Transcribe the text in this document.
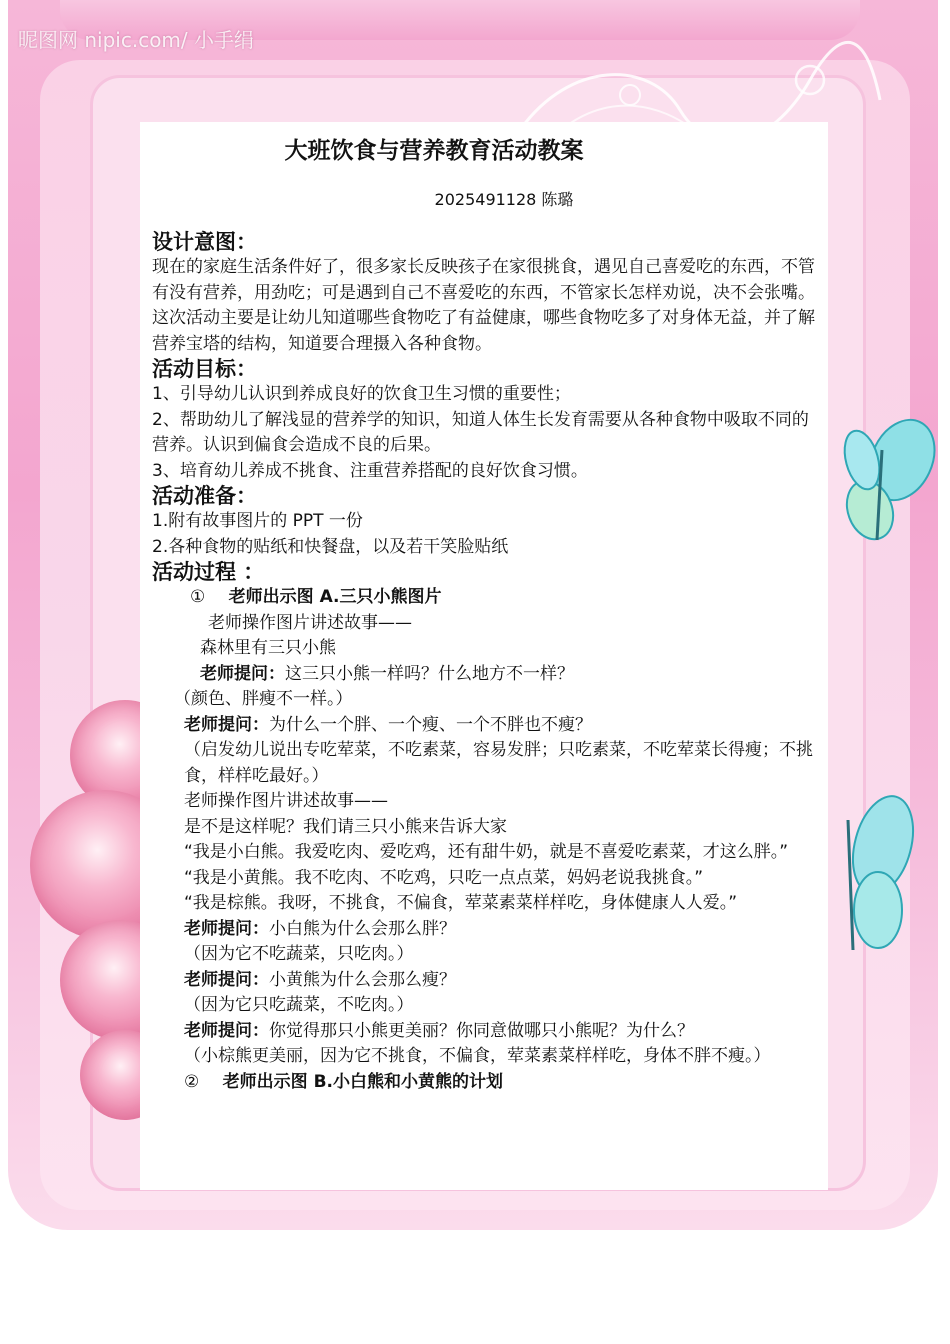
昵图网 nipic.com/ 小手绢
大班饮食与营养教育活动教案
2025491128 陈璐
设计意图：
现在的家庭生活条件好了，很多家长反映孩子在家很挑食，遇见自己喜爱吃的东西，不管有没有营养，用劲吃；可是遇到自己不喜爱吃的东西，不管家长怎样劝说，决不会张嘴。这次活动主要是让幼儿知道哪些食物吃了有益健康，哪些食物吃多了对身体无益，并了解营养宝塔的结构，知道要合理摄入各种食物。
活动目标：
1、引导幼儿认识到养成良好的饮食卫生习惯的重要性；
2、帮助幼儿了解浅显的营养学的知识，知道人体生长发育需要从各种食物中吸取不同的营养。认识到偏食会造成不良的后果。
3、培育幼儿养成不挑食、注重营养搭配的良好饮食习惯。
活动准备：
1.附有故事图片的 PPT 一份
2.各种食物的贴纸和快餐盘，以及若干笑脸贴纸
活动过程 ：
① 老师出示图 A.三只小熊图片
老师操作图片讲述故事——
森林里有三只小熊
老师提问：这三只小熊一样吗？什么地方不一样？
（颜色、胖瘦不一样。）
老师提问：为什么一个胖、一个瘦、一个不胖也不瘦？
（启发幼儿说出专吃荤菜，不吃素菜，容易发胖；只吃素菜，不吃荤菜长得瘦；不挑食，样样吃最好。）
老师操作图片讲述故事——
是不是这样呢？我们请三只小熊来告诉大家
“我是小白熊。我爱吃肉、爱吃鸡，还有甜牛奶，就是不喜爱吃素菜，才这么胖。”
“我是小黄熊。我不吃肉、不吃鸡，只吃一点点菜，妈妈老说我挑食。”
“我是棕熊。我呀，不挑食，不偏食，荤菜素菜样样吃，身体健康人人爱。”
老师提问：小白熊为什么会那么胖？
（因为它不吃蔬菜，只吃肉。）
老师提问：小黄熊为什么会那么瘦？
（因为它只吃蔬菜，不吃肉。）
老师提问：你觉得那只小熊更美丽？你同意做哪只小熊呢？为什么？
（小棕熊更美丽，因为它不挑食，不偏食，荤菜素菜样样吃，身体不胖不瘦。）
② 老师出示图 B.小白熊和小黄熊的计划
